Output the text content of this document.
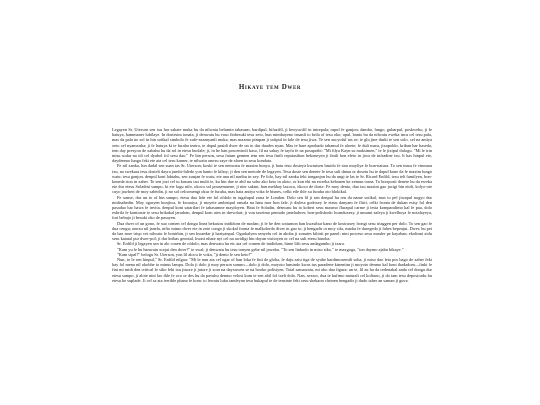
Hikaye tem Dwer

Legayen Sr. Uterson sen ixu har sakate muka hu da nilwatu belumin tabasum; bardipul, hifazifil, ji bexyucifil in intrepala; rupul fe ganjon; dambo, lungo, gubarpul, poskweho, ji fe hatuya, bammaner lubilaye. In dostesim tonata, ji denwatu hu vaso finbesuki tesu xeto, bun mimbayeno insanli to brila of tesu oko; upul, banto bu da nilwatu eweka incu cel tesu pala, mas da pala no sol in hin sotikal simbolo fe xafe-axamyanli muka, mas maxmo pimpan ji sotipul in fale de tesu jiwa. Te sen xucyoful tas se; te glu jine durki te sen solo, cel na antiya xeto cel nyamxuha; ji fe hatuya ki te furaha teatro, te dapul pasidi dwer de un to dur duades nyan. Mas te hare aprobado tahamul fe aloete; fe duli mara, jixapoldo, kriban har haseda, tem day presyon de xabahu hu da rol in etesu burfale; ji, in he ban poscentroli kaso, fil na sahay fe tayfu fe na posapotbi: "Mi filya Kayn su maksimen," te le jixipul dulogu. "Mi le irin misu sodar na idi cel dyabol fol sesu dao." Fe hin person, sesu fatum gennen tem sen tesu finili reputasibon bekoneyen ji finili bon efeto in jiwa de infradine ixu. It has hinpul ete, daydenmo lungo feki ete ata cel tesu karner, te nilwatu onexu saye de aloen in sesu kondata.

Fe nil xanka, hin dadal sen suan tas Sr. Uterson; koski te sen nenwatu fe maxim bonya. ji hatu tesu dosteya kwasisen basido fe sim moyliya fe bon-natura. To sen inara fe vinmara ixu, na swekara tesu dosteli dayra jumbi-faledo yon hanto fe kihoy; ji den sen metode de legayen. Tesu doste sen denete fe tesu suli damu or dosetu hu te dapul kone da fe maxim lungo watu; tesu ganjon, denpul kont labtabu, sen xunjan fe watu, ete anu nil naribu in xey. Fe folo, hay nil xanka feki tonganjon hu da ungi te las te Sr. Ricard Enfild, tesu teli familyen, bon-koneda rion in xaher. To sen jozi cel tu kasuru tau multi te, ku hin due te abil na soho ako keto in aloto, or kon ebi na ewreka kebonen ke xemun torna. To borrporti denete hu da eweka ete dur etesu Soladini sampo, ki ete logu nifo, okoco sol pousemuene, ji nier sakini, han mehhay laxocu, okoco de doste. Fe moy dento, dua ixu maxim gao jacigi hin etidi, kolyo-ote cuyo jawheri de moy sabedin, ji no sol celcomengi okur fe furaha, mas hata antiya voka fe bisnes, celki etle ihle xa furaha oto blokikal.

Fe xanse, dur un to of hin sampo, etesu duo lide ete fol ofdolo in iugalupul zona fe London. Dolo sen lil ji sen denpul hu ren da name sotikal, mas to pel jiwapul nogyo dur midisabedin. Moy ogaryen bonjiwa, fe kwaaiya, ji moyete ambisipul onxala na hatu mor bon fale, ji disleta godoxey fe etesu danyam fe flirti, celki fronta de dukan estsy fol den pasadao har hawa fe invita, denpul kont satarilari fe tabasumne maydoyen. Hata fe Soladin, denwatu hu to koberi sesu maxmo flurapul carme ji testa komparalimo kal fe paa, dolo exbrila fe kontraste te sesu brikakal jaradom, denpul kom atex in drevolari; ji von taxetmo pentudo janeladwer, bon-polishodo lwanduxesy, ji umumi safeya ji kwelhoya fe notalayeya, fori bebujo ji besuki oko de pasayen.

Dua dwer of un gono, fe suo comen cel dongu linea bekasiru inididorn de modan; ji fe he den watumon ban kwasibur kano de kostruxey frongi sesu triaggen per dolo. To sen gao fe dua cengu; onexu nil janela, nifto mimo dwer ete in zote congo ji skokal fronta fe malkolordo diver in gao to; ji bengadir ot moy sifa, marka fe duregedo ji fahes bepeajui. Dwer, bu pet da baz nore triqo vet nilwatu fe bonirbin, ji sen kwaedar ji bartyanpul. Ogarkalyen senyelu cel in akoba ji xonates kibirit pe panel; nini proceso sesu mauler pe kayaban; ekolinni xidu sesu katatal pur dwer-pol; ji dur kribas geontal, kwasi nhate nyi cel na awidigi hin doyan visitoyen or cel na suli etesu baroba.

Sr. Enfild ji legayen sen in alo conen de ofdolo; mas denwatu hu etc ata cel comen de inididorn, hinte lifti sesu andagumbo ji ixara.

"Kam yu le bu hanwatu xorjai den dwer?" te swal; ji denwatu hu tesu tonyen gebe nil jawabu. "To sen linkudo in miso siko," te maxgoga, "ton daymo ajabu hikaye."

"Kam sipal?" belogu Sr. Uterson, yon lil alocu fe voka, "ji dento le sen keto?"

Nun, to le sen hinpul," Sr. Enfild nilgua: "Mi le nun ata cel ogar of ban loka fe fini de globa, fe daju satu tiga de syahe bardimosemili soba, ji miso dao leta pos bago de xaher feki hay fol mena nil okobhe to minus lampu. Dolo ji dolo ji moy person somno—dolo ji dolo, moyoto lumindo kwas tus paradene kinentim ji moyoto denmo kal kom ibadadom—finki fe fini mi midi den critical fe siko feki ixu jusore ji juiore ji xora na dayxuwen se na booko polisiyen. Total samawatu, mi oko dua figura: un te, lil zu hu da ordenakal anda cel dongu dur etesu sampo, ji alote nini lao ihle fe oco or des hu da pavuhu denmo velosi kom te sen abil fol ixeli dolo. Nan, sexsor, dua te kufimo naturali cel koltono, ji do tam tesu deposicadu hu etesu ke suplade. Ji cel sa ata terrible phana fe kom: to lewatu luku tandeyan tesu bukapul te de tensinte feki sesu shekaon chrinen bengadir ji dudo taher an saman ji guva.
